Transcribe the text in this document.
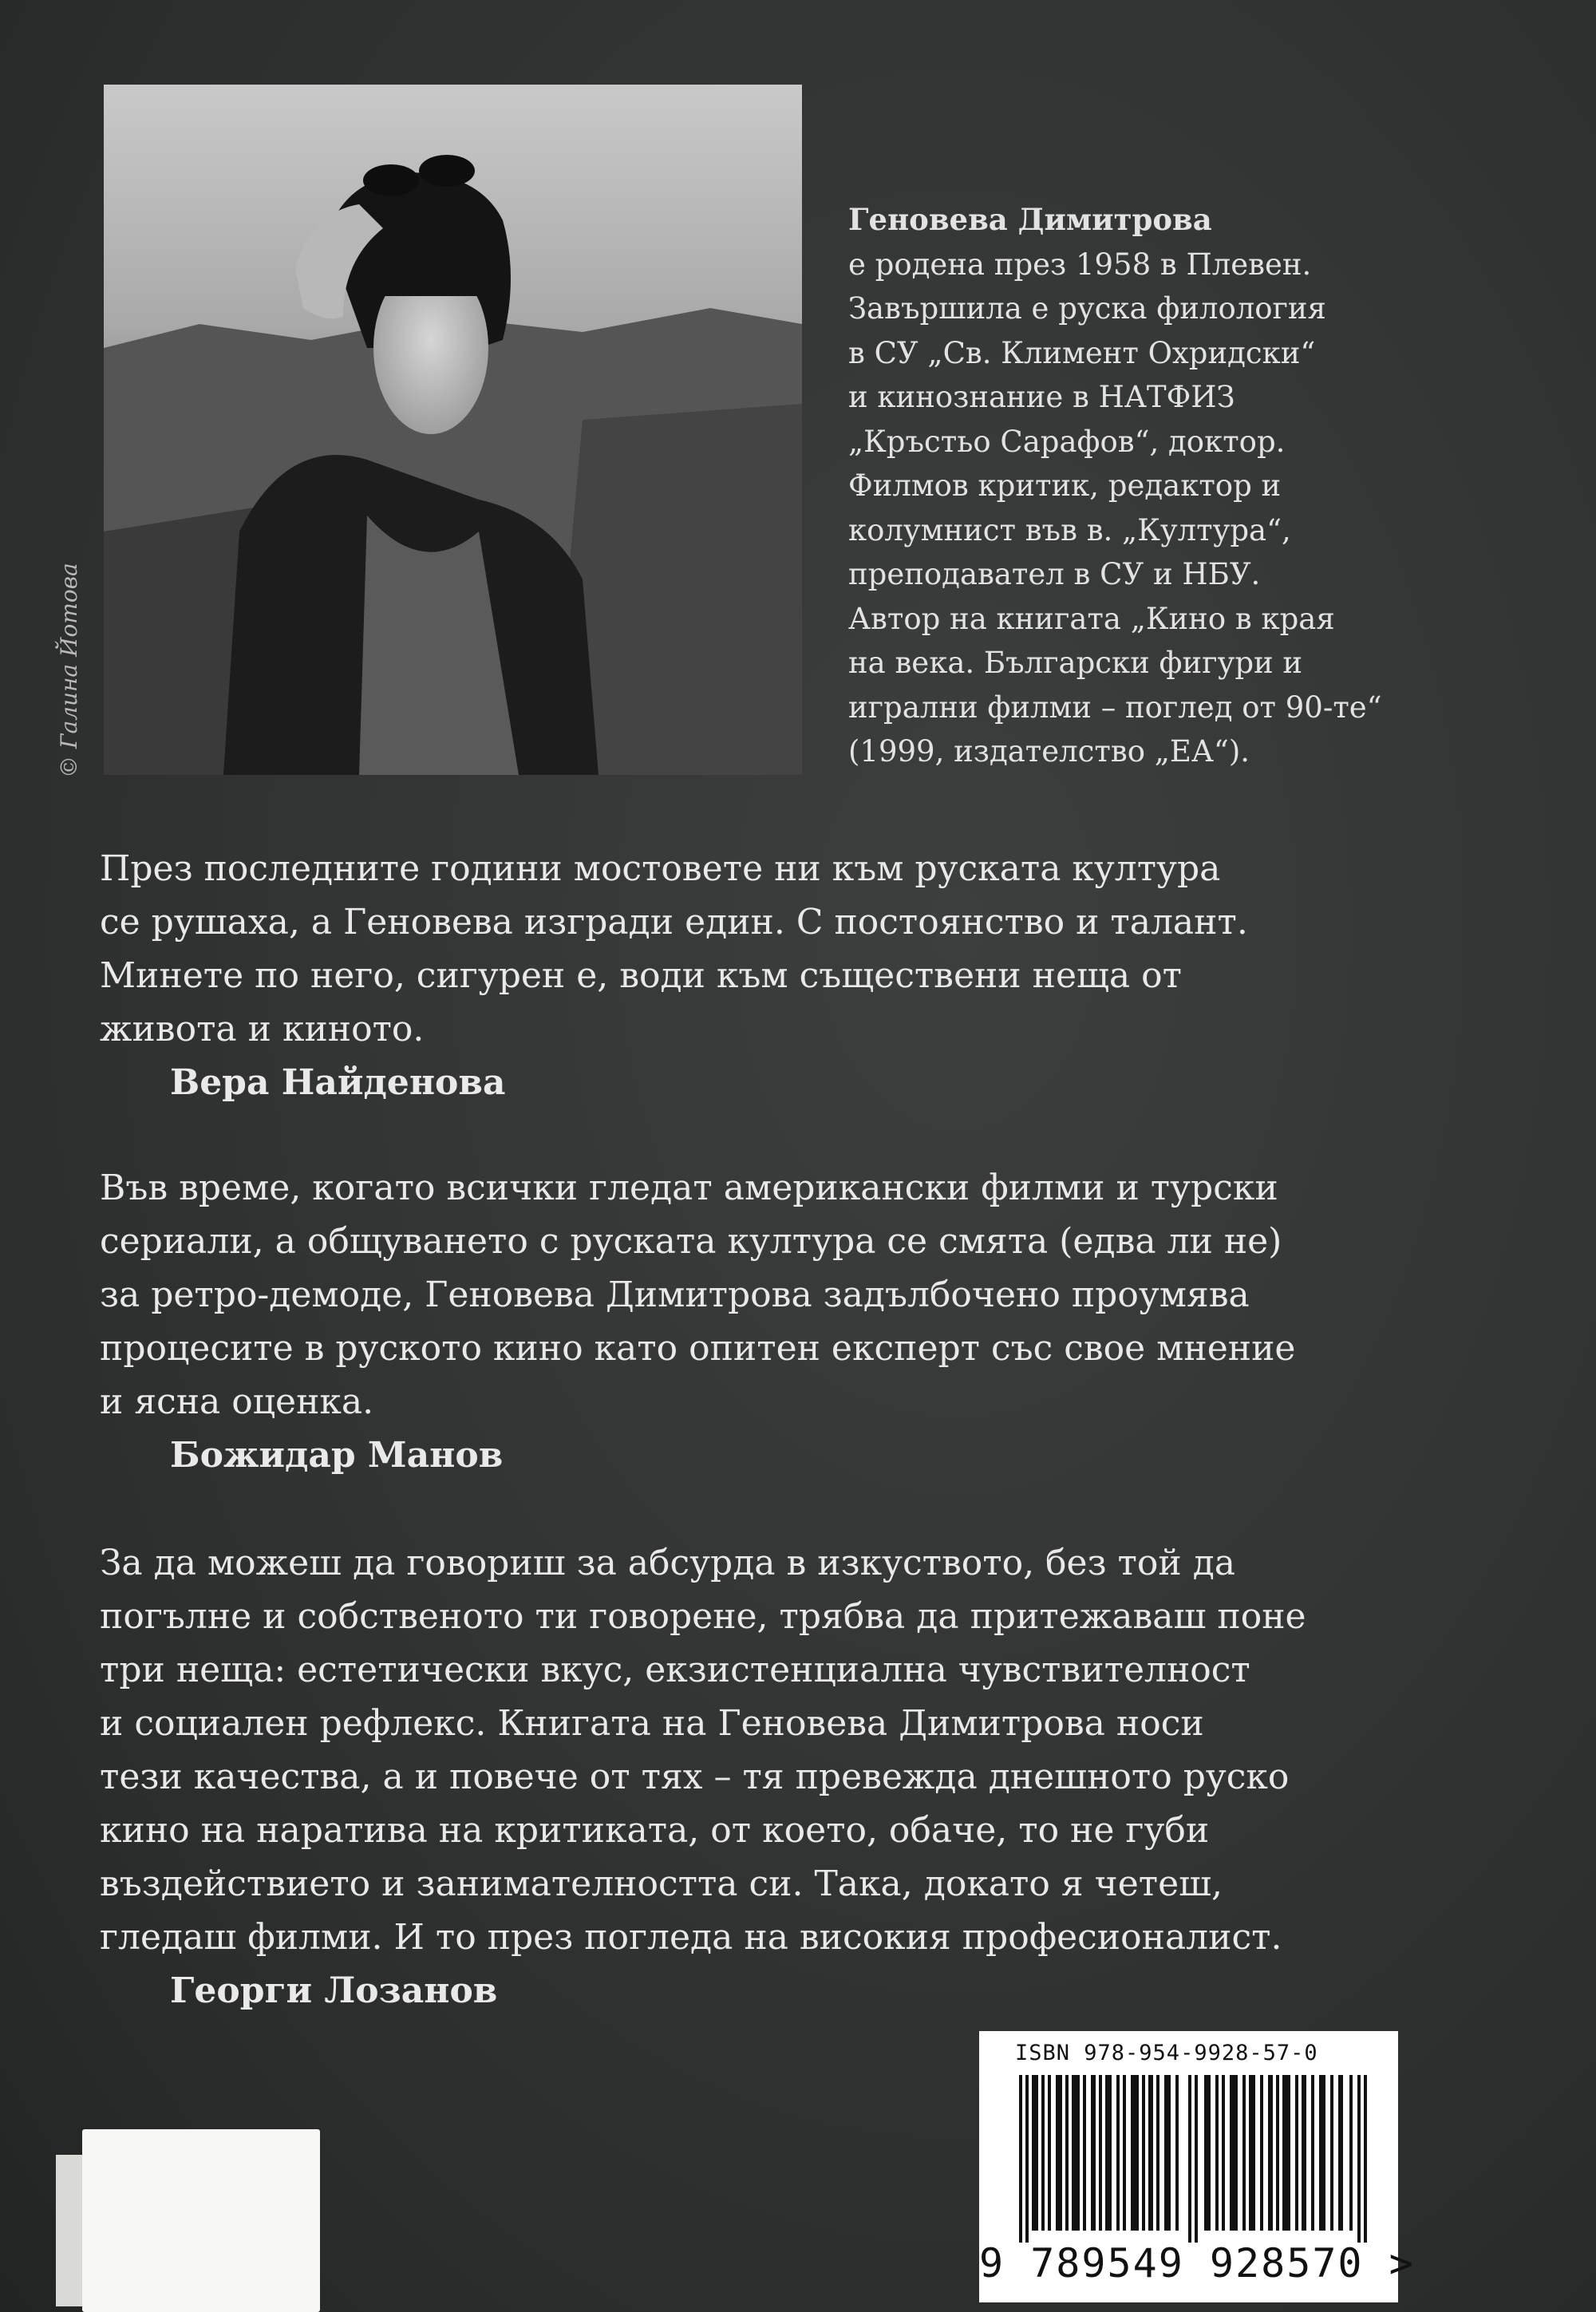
© Галина Йотова
Геновева Димитрова
е родена през 1958 в Плевен.
Завършила е руска филология
в СУ „Св. Климент Охридски“
и кинознание в НАТФИЗ
„Кръстьо Сарафов“, доктор.
Филмов критик, редактор и
колумнист във в. „Култура“,
преподавател в СУ и НБУ.
Автор на книгата „Кино в края
на века. Български фигури и
игрални филми – поглед от 90-те“
(1999, издателство „ЕА“).
През последните години мостовете ни към руската култура
се рушаха, а Геновева изгради един. С постоянство и талант.
Минете по него, сигурен е, води към съществени неща от
живота и киното.
Вера Найденова
Във време, когато всички гледат американски филми и турски
сериали, а общуването с руската култура се смята (едва ли не)
за ретро-демоде, Геновева Димитрова задълбочено проумява
процесите в руското кино като опитен експерт със свое мнение
и ясна оценка.
Божидар Манов
За да можеш да говориш за абсурда в изкуството, без той да
погълне и собственото ти говорене, трябва да притежаваш поне
три неща: естетически вкус, екзистенциална чувствителност
и социален рефлекс. Книгата на Геновева Димитрова носи
тези качества, а и повече от тях – тя превежда днешното руско
кино на наратива на критиката, от което, обаче, то не губи
въздействието и занимателността си. Така, докато я четеш,
гледаш филми. И то през погледа на високия професионалист.
Георги Лозанов
ISBN 978-954-9928-57-0
9 789549 928570 >
